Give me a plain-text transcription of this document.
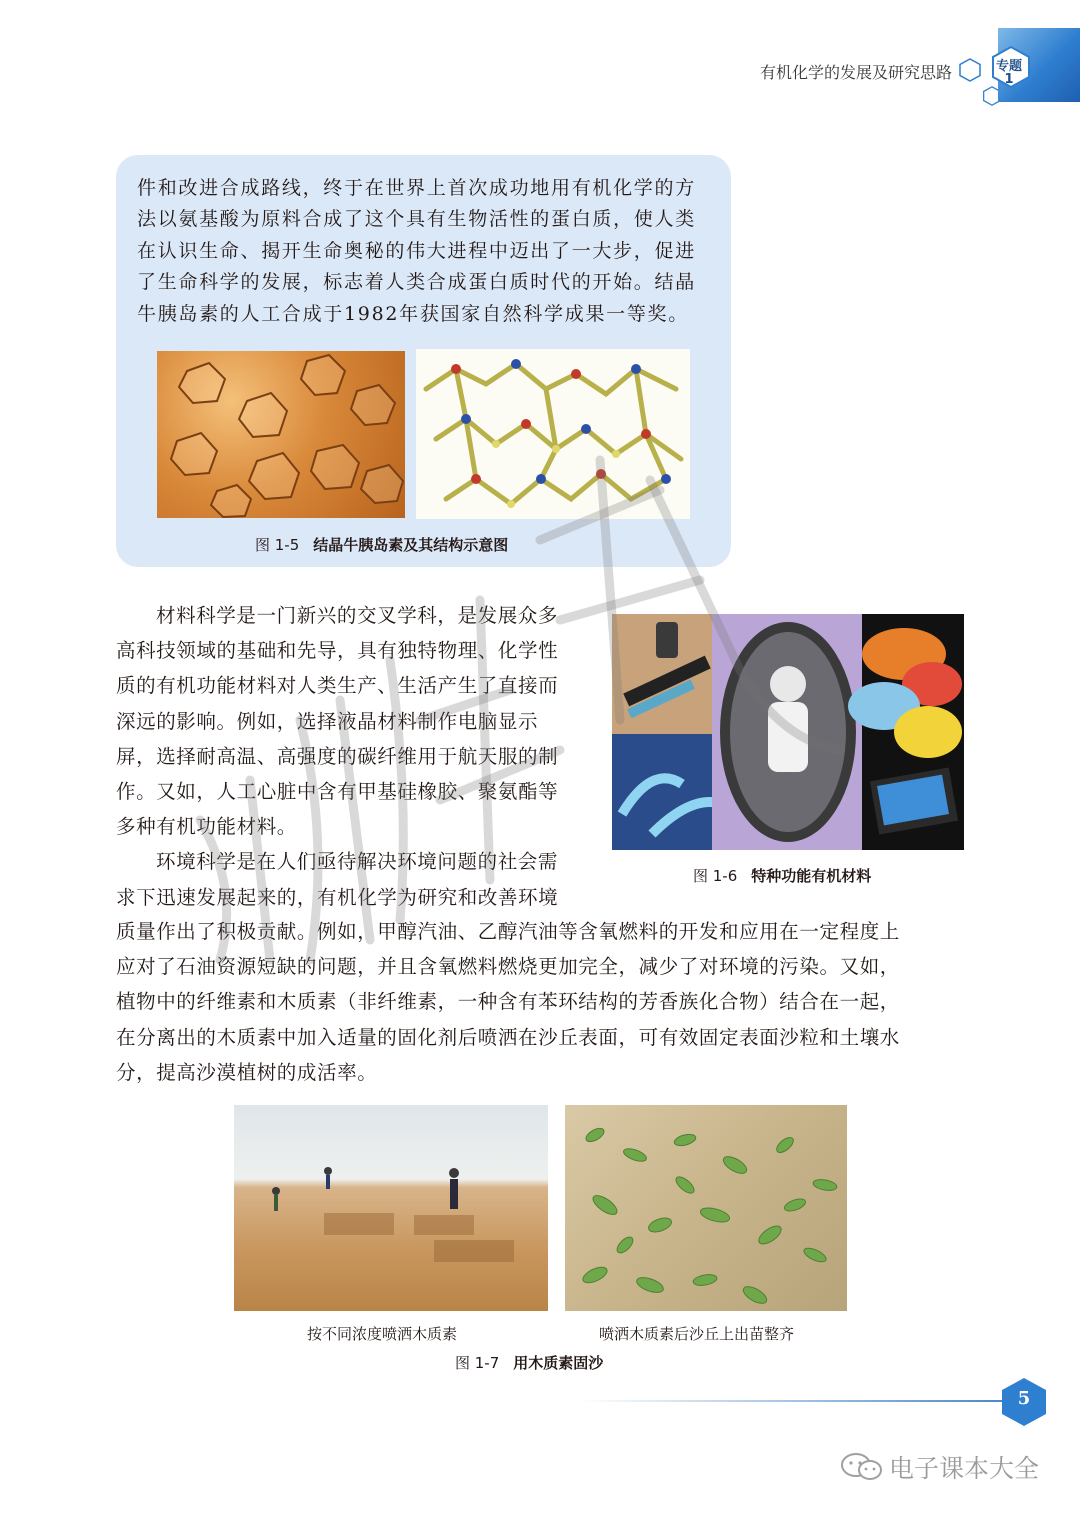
有机化学的发展及研究思路	专题
1

件和改进合成路线，终于在世界上首次成功地用有机化学的方

法以氨基酸为原料合成了这个具有生物活性的蛋白质，使人类

在认识生命、揭开生命奥秘的伟大进程中迈出了一大步，促进

了生命科学的发展，标志着人类合成蛋白质时代的开始。结晶

牛胰岛素的人工合成于1982年获国家自然科学成果一等奖。

图 1-5 结晶牛胰岛素及其结构示意图

材料科学是一门新兴的交叉学科，是发展众多

高科技领域的基础和先导，具有独特物理、化学性

质的有机功能材料对人类生产、生活产生了直接而

深远的影响。例如，选择液晶材料制作电脑显示

屏，选择耐高温、高强度的碳纤维用于航天服的制

作。又如，人工心脏中含有甲基硅橡胶、聚氨酯等

多种有机功能材料。

环境科学是在人们亟待解决环境问题的社会需

求下迅速发展起来的，有机化学为研究和改善环境

图 1-6 特种功能有机材料

质量作出了积极贡献。例如，甲醇汽油、乙醇汽油等含氧燃料的开发和应用在一定程度上

应对了石油资源短缺的问题，并且含氧燃料燃烧更加完全，减少了对环境的污染。又如，

植物中的纤维素和木质素（非纤维素，一种含有苯环结构的芳香族化合物）结合在一起，

在分离出的木质素中加入适量的固化剂后喷洒在沙丘表面，可有效固定表面沙粒和土壤水

分，提高沙漠植树的成活率。

按不同浓度喷洒木质素	喷洒木质素后沙丘上出苗整齐
图 1-7 用木质素固沙
5
电子课本大全
